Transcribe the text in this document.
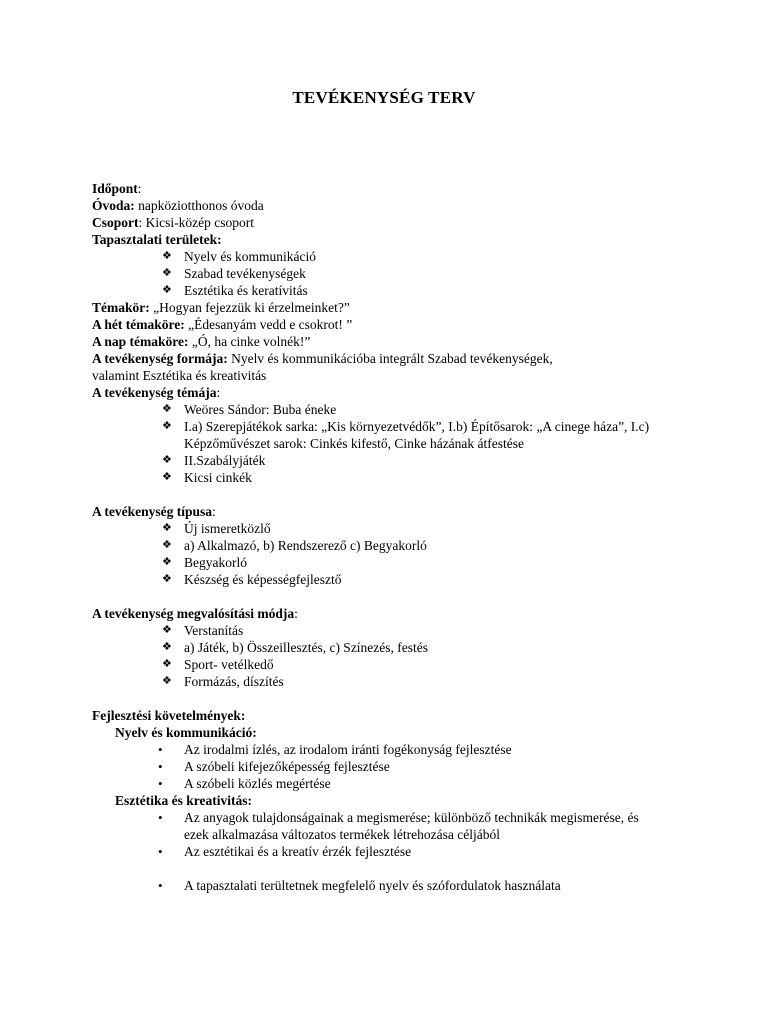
TEVÉKENYSÉG TERV
Időpont:
Óvoda: napköziotthonos óvoda
Csoport: Kicsi-közép csoport
Tapasztalati területek:
❖ Nyelv és kommunikáció
❖ Szabad tevékenységek
❖ Esztétika és keratívitás
Témakör: „Hogyan fejezzük ki érzelmeinket?”
A hét témaköre: „Édesanyám vedd e csokrot! ”
A nap témaköre: „Ó, ha cinke volnék!”
A tevékenység formája: Nyelv és kommunikációba integrált Szabad tevékenységek,
valamint Esztétika és kreativitás
A tevékenység témája:
❖ Weöres Sándor: Buba éneke
❖ I.a) Szerepjátékok sarka: „Kis környezetvédők”, I.b) Építősarok: „A cinege háza”, I.c) Képzőművészet sarok: Cinkés kifestő, Cinke házának átfestése
❖ II.Szabályjáték
❖ Kicsi cinkék
A tevékenység típusa:
❖ Új ismeretközlő
❖ a) Alkalmazó, b) Rendszerező c) Begyakorló
❖ Begyakorló
❖ Készség és képességfejlesztő
A tevékenység megvalósítási módja:
❖ Verstanítás
❖ a) Játék, b) Összeillesztés, c) Színezés, festés
❖ Sport- vetélkedő
❖ Formázás, díszítés
Fejlesztési követelmények:
Nyelv és kommunikáció:
• Az irodalmi ízlés, az irodalom iránti fogékonyság fejlesztése
• A szóbeli kifejezőképesség fejlesztése
• A szóbeli közlés megértése
Esztétika és kreativitás:
• Az anyagok tulajdonságainak a megismerése; különböző technikák megismerése, és ezek alkalmazása változatos termékek létrehozása céljából
• Az esztétikai és a kreatív érzék fejlesztése
• A tapasztalati terültetnek megfelelő nyelv és szófordulatok használata
